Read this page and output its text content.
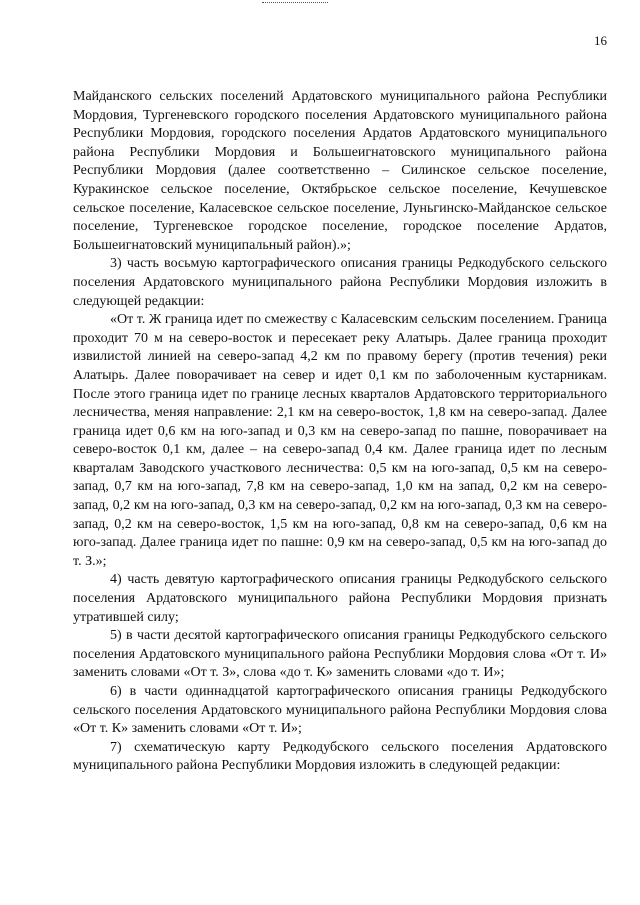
16

Майданского сельских поселений Ардатовского муниципального района Республики Мордовия, Тургеневского городского поселения Ардатовского муниципального района Республики Мордовия, городского поселения Ардатов Ардатовского муниципального района Республики Мордовия и Большеигнатовского муниципального района Республики Мордовия (далее соответственно – Силинское сельское поселение, Куракинское сельское поселение, Октябрьское сельское поселение, Кечушевское сельское поселение, Каласевское сельское поселение, Луньгинско-Майданское сельское поселение, Тургеневское городское поселение, городское поселение Ардатов, Большеигнатовский муниципальный район).»;

3) часть восьмую картографического описания границы Редкодубского сельского поселения Ардатовского муниципального района Республики Мордовия изложить в следующей редакции:

«От т. Ж граница идет по смежеству с Каласевским сельским поселением. Граница проходит 70 м на северо-восток и пересекает реку Алатырь. Далее граница проходит извилистой линией на северо-запад 4,2 км по правому берегу (против течения) реки Алатырь. Далее поворачивает на север и идет 0,1 км по заболоченным кустарникам. После этого граница идет по границе лесных кварталов Ардатовского территориального лесничества, меняя направление: 2,1 км на северо-восток, 1,8 км на северо-запад. Далее граница идет 0,6 км на юго-запад и 0,3 км на северо-запад по пашне, поворачивает на северо-восток 0,1 км, далее – на северо-запад 0,4 км. Далее граница идет по лесным кварталам Заводского участкового лесничества: 0,5 км на юго-запад, 0,5 км на северо-запад, 0,7 км на юго-запад, 7,8 км на северо-запад, 1,0 км на запад, 0,2 км на северо-запад, 0,2 км на юго-запад, 0,3 км на северо-запад, 0,2 км на юго-запад, 0,3 км на северо-запад, 0,2 км на северо-восток, 1,5 км на юго-запад, 0,8 км на северо-запад, 0,6 км на юго-запад. Далее граница идет по пашне: 0,9 км на северо-запад, 0,5 км на юго-запад до т. З.»;

4) часть девятую картографического описания границы Редкодубского сельского поселения Ардатовского муниципального района Республики Мордовия признать утратившей силу;

5) в части десятой картографического описания границы Редкодубского сельского поселения Ардатовского муниципального района Республики Мордовия слова «От т. И» заменить словами «От т. З», слова «до т. К» заменить словами «до т. И»;

6) в части одиннадцатой картографического описания границы Редкодубского сельского поселения Ардатовского муниципального района Республики Мордовия слова «От т. К» заменить словами «От т. И»;

7) схематическую карту Редкодубского сельского поселения Ардатовского муниципального района Республики Мордовия изложить в следующей редакции:
